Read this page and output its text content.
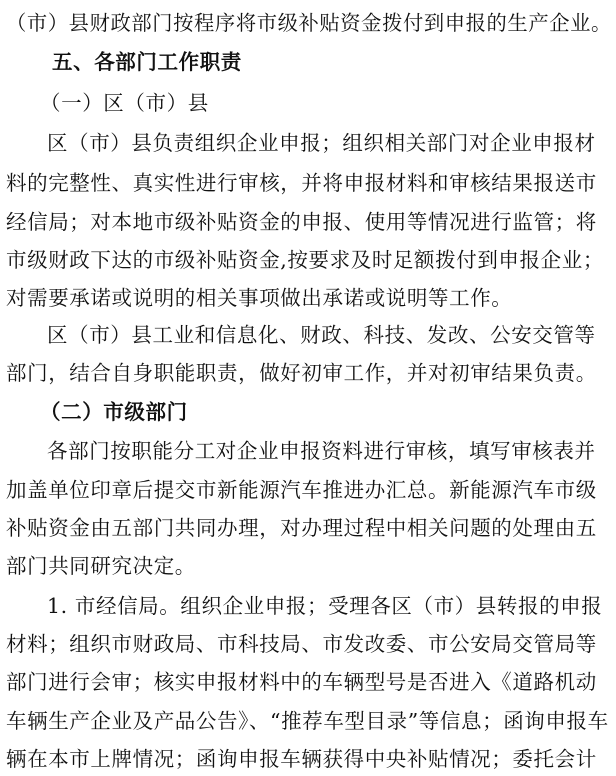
（市）县财政部门按程序将市级补贴资金拨付到申报的生产企业。
五、各部门工作职责
（一）区（市）县
区（市）县负责组织企业申报；组织相关部门对企业申报材
料的完整性、真实性进行审核，并将申报材料和审核结果报送市
经信局；对本地市级补贴资金的申报、使用等情况进行监管；将
市级财政下达的市级补贴资金,按要求及时足额拨付到申报企业；
对需要承诺或说明的相关事项做出承诺或说明等工作。
区（市）县工业和信息化、财政、科技、发改、公安交管等
部门，结合自身职能职责，做好初审工作，并对初审结果负责。
（二）市级部门
各部门按职能分工对企业申报资料进行审核，填写审核表并
加盖单位印章后提交市新能源汽车推进办汇总。新能源汽车市级
补贴资金由五部门共同办理，对办理过程中相关问题的处理由五
部门共同研究决定。
1. 市经信局。组织企业申报；受理各区（市）县转报的申报
材料；组织市财政局、市科技局、市发改委、市公安局交管局等
部门进行会审；核实申报材料中的车辆型号是否进入《道路机动
车辆生产企业及产品公告》、“推荐车型目录”等信息；函询申报车
辆在本市上牌情况；函询申报车辆获得中央补贴情况；委托会计
